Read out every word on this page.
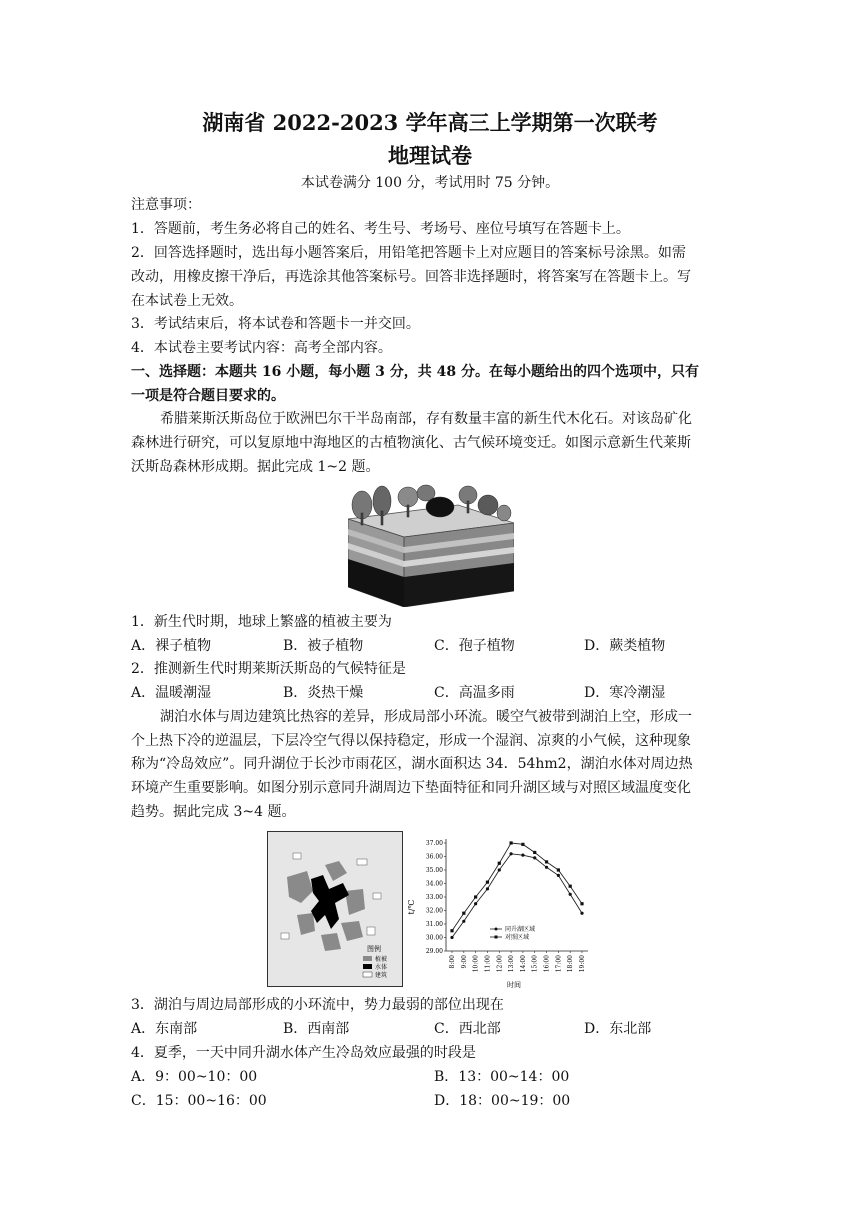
湖南省 2022-2023 学年高三上学期第一次联考
地理试卷
本试卷满分 100 分，考试用时 75 分钟。
注意事项：
1．答题前，考生务必将自己的姓名、考生号、考场号、座位号填写在答题卡上。
2．回答选择题时，选出每小题答案后，用铅笔把答题卡上对应题目的答案标号涂黑。如需
改动，用橡皮擦干净后，再选涂其他答案标号。回答非选择题时，将答案写在答题卡上。写
在本试卷上无效。
3．考试结束后，将本试卷和答题卡一并交回。
4．本试卷主要考试内容：高考全部内容。
一、选择题：本题共 16 小题，每小题 3 分，共 48 分。在每小题给出的四个选项中，只有
一项是符合题目要求的。
希腊莱斯沃斯岛位于欧洲巴尔干半岛南部，存有数量丰富的新生代木化石。对该岛矿化
森林进行研究，可以复原地中海地区的古植物演化、古气候环境变迁。如图示意新生代莱斯
沃斯岛森林形成期。据此完成 1~2 题。
1．新生代时期，地球上繁盛的植被主要为
A．裸子植物	B．被子植物	C．孢子植物	D．蕨类植物
2．推测新生代时期莱斯沃斯岛的气候特征是
A．温暖潮湿	B．炎热干燥	C．高温多雨	D．寒冷潮湿
湖泊水体与周边建筑比热容的差异，形成局部小环流。暖空气被带到湖泊上空，形成一
个上热下冷的逆温层，下层冷空气得以保持稳定，形成一个湿润、凉爽的小气候，这种现象
称为“冷岛效应”。同升湖位于长沙市雨花区，湖水面积达 34．54hm2，湖泊水体对周边热
环境产生重要影响。如图分别示意同升湖周边下垫面特征和同升湖区域与对照区域温度变化
趋势。据此完成 3~4 题。
图例
植被
水体
建筑
t/℃
时间
29.00
30.00
31.00
32.00
33.00
34.00
35.00
36.00
37.00
8:00 9:00 10:00 11:00 12:00 13:00 14:00 15:00 16:00 17:00 18:00 19:00
同升湖区域
对照区域
3．湖泊与周边局部形成的小环流中，势力最弱的部位出现在
A．东南部	B．西南部	C．西北部	D．东北部
4．夏季，一天中同升湖水体产生冷岛效应最强的时段是
A．9：00~10：00	B．13：00~14：00
C．15：00~16：00	D．18：00~19：00
